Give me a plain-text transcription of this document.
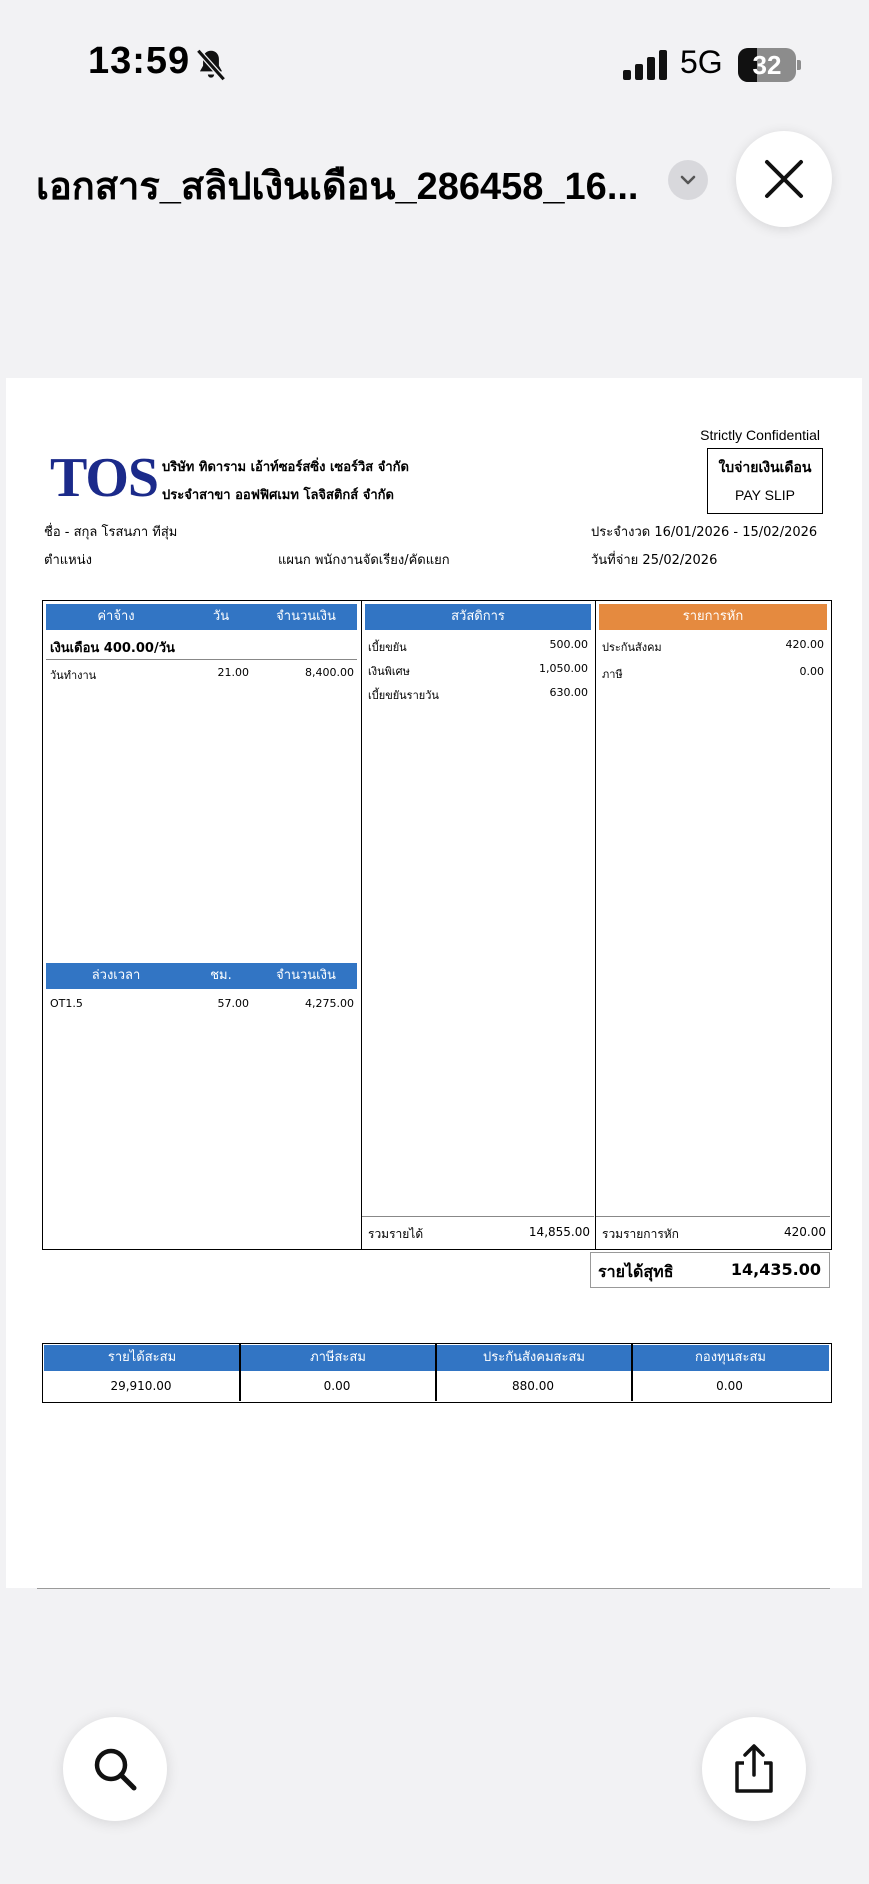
13:59	5G	32
เอกสาร_สลิปเงินเดือน_286458_16...
Strictly Confidential
ใบจ่ายเงินเดือน
PAY SLIP
TOS บริษัท ทิดาราม เอ้าท์ซอร์สซิ่ง เซอร์วิส จำกัด
ประจำสาขา ออฟฟิศเมท โลจิสติกส์ จำกัด
ชื่อ - สกุล โรสนภา ทีสุ่ม
ตำแหน่ง	แผนก พนักงานจัดเรียง/คัดแยก
ประจำงวด 16/01/2026 - 15/02/2026
วันที่จ่าย 25/02/2026
ค่าจ้าง	วัน	จำนวนเงิน
เงินเดือน 400.00/วัน
วันทำงาน	21.00	8,400.00
ล่วงเวลา	ชม.	จำนวนเงิน
OT1.5	57.00	4,275.00
สวัสดิการ
เบี้ยขยัน	500.00
เงินพิเศษ	1,050.00
เบี้ยขยันรายวัน	630.00
รวมรายได้	14,855.00
รายการหัก
ประกันสังคม	420.00
ภาษี	0.00
รวมรายการหัก	420.00
รายได้สุทธิ	14,435.00
รายได้สะสม	ภาษีสะสม	ประกันสังคมสะสม	กองทุนสะสม
29,910.00	0.00	880.00	0.00
